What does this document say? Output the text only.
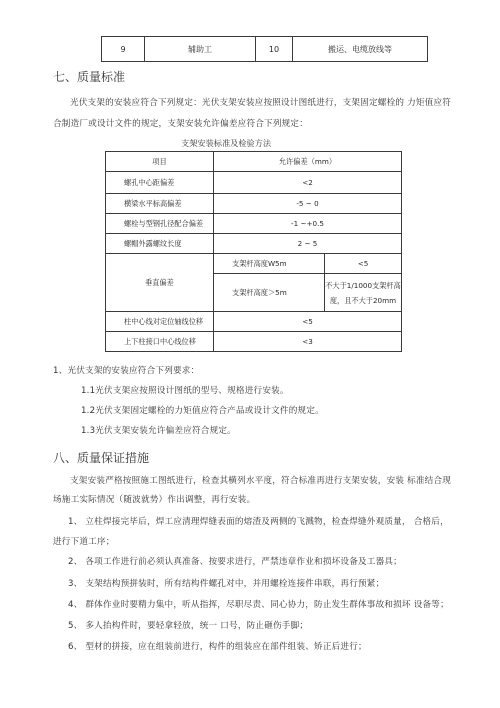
9	辅助工	10	搬运、电缆放线等
七、质量标准
光伏支架的安装应符合下列规定：光伏支架安装应按照设计图纸进行，支架固定螺栓的 力矩值应符
合制造厂或设计文件的规定，支架安装允许偏差应符合下列规定：
支架安装标准及检验方法
项目	允许偏差（mm）	
螺孔中心距偏差	<2	
横梁水平标高偏差	-5 ~ 0	
螺栓与型钢孔径配合偏差	-1 ~+0.5	
螺帽外露螺纹长度	2 ~ 5	
垂直偏差	支架杆高度W5m	<5
	支架杆高度＞5m	不大于1/1000支架杆高
度，且不大于20mm

柱中心线对定位轴线位移	<5	
上下柱接口中心线位移	<3	
1、光伏支架的安装应符合下列要求：
1.1光伏支架应按照设计图纸的型号、规格进行安装。
1.2光伏支架固定螺栓的力矩值应符合产品或设计文件的规定。
1.3光伏支架安装允许偏差应符合规定。
八、质量保证措施
支架安装严格按照施工图纸进行，检查其横列水平度，符合标准再进行支架安装，安装 标准结合现
场施工实际情况（随波就势）作出调整，再行安装。
1、 立柱焊接完毕后，焊工应清理焊缝表面的熔渣及两侧的飞溅物，检查焊缝外观质量， 合格后，
进行下道工序；
2、 各项工作进行前必须认真准备、按要求进行，严禁违章作业和损坏设备及工器具；
3、 支架结构预拼装时，所有结构件螺孔对中，并用螺栓连接件串联，再行预紧；
4、 群体作业时要精力集中，听从指挥，尽职尽责、同心协力，防止发生群体事故和损坏 设备等；
5、 多人抬构件时，要轻拿轻放，统一 口号，防止砸伤手脚；
6、 型材的拼接，应在组装前进行，构件的组装应在部件组装、矫正后进行；
